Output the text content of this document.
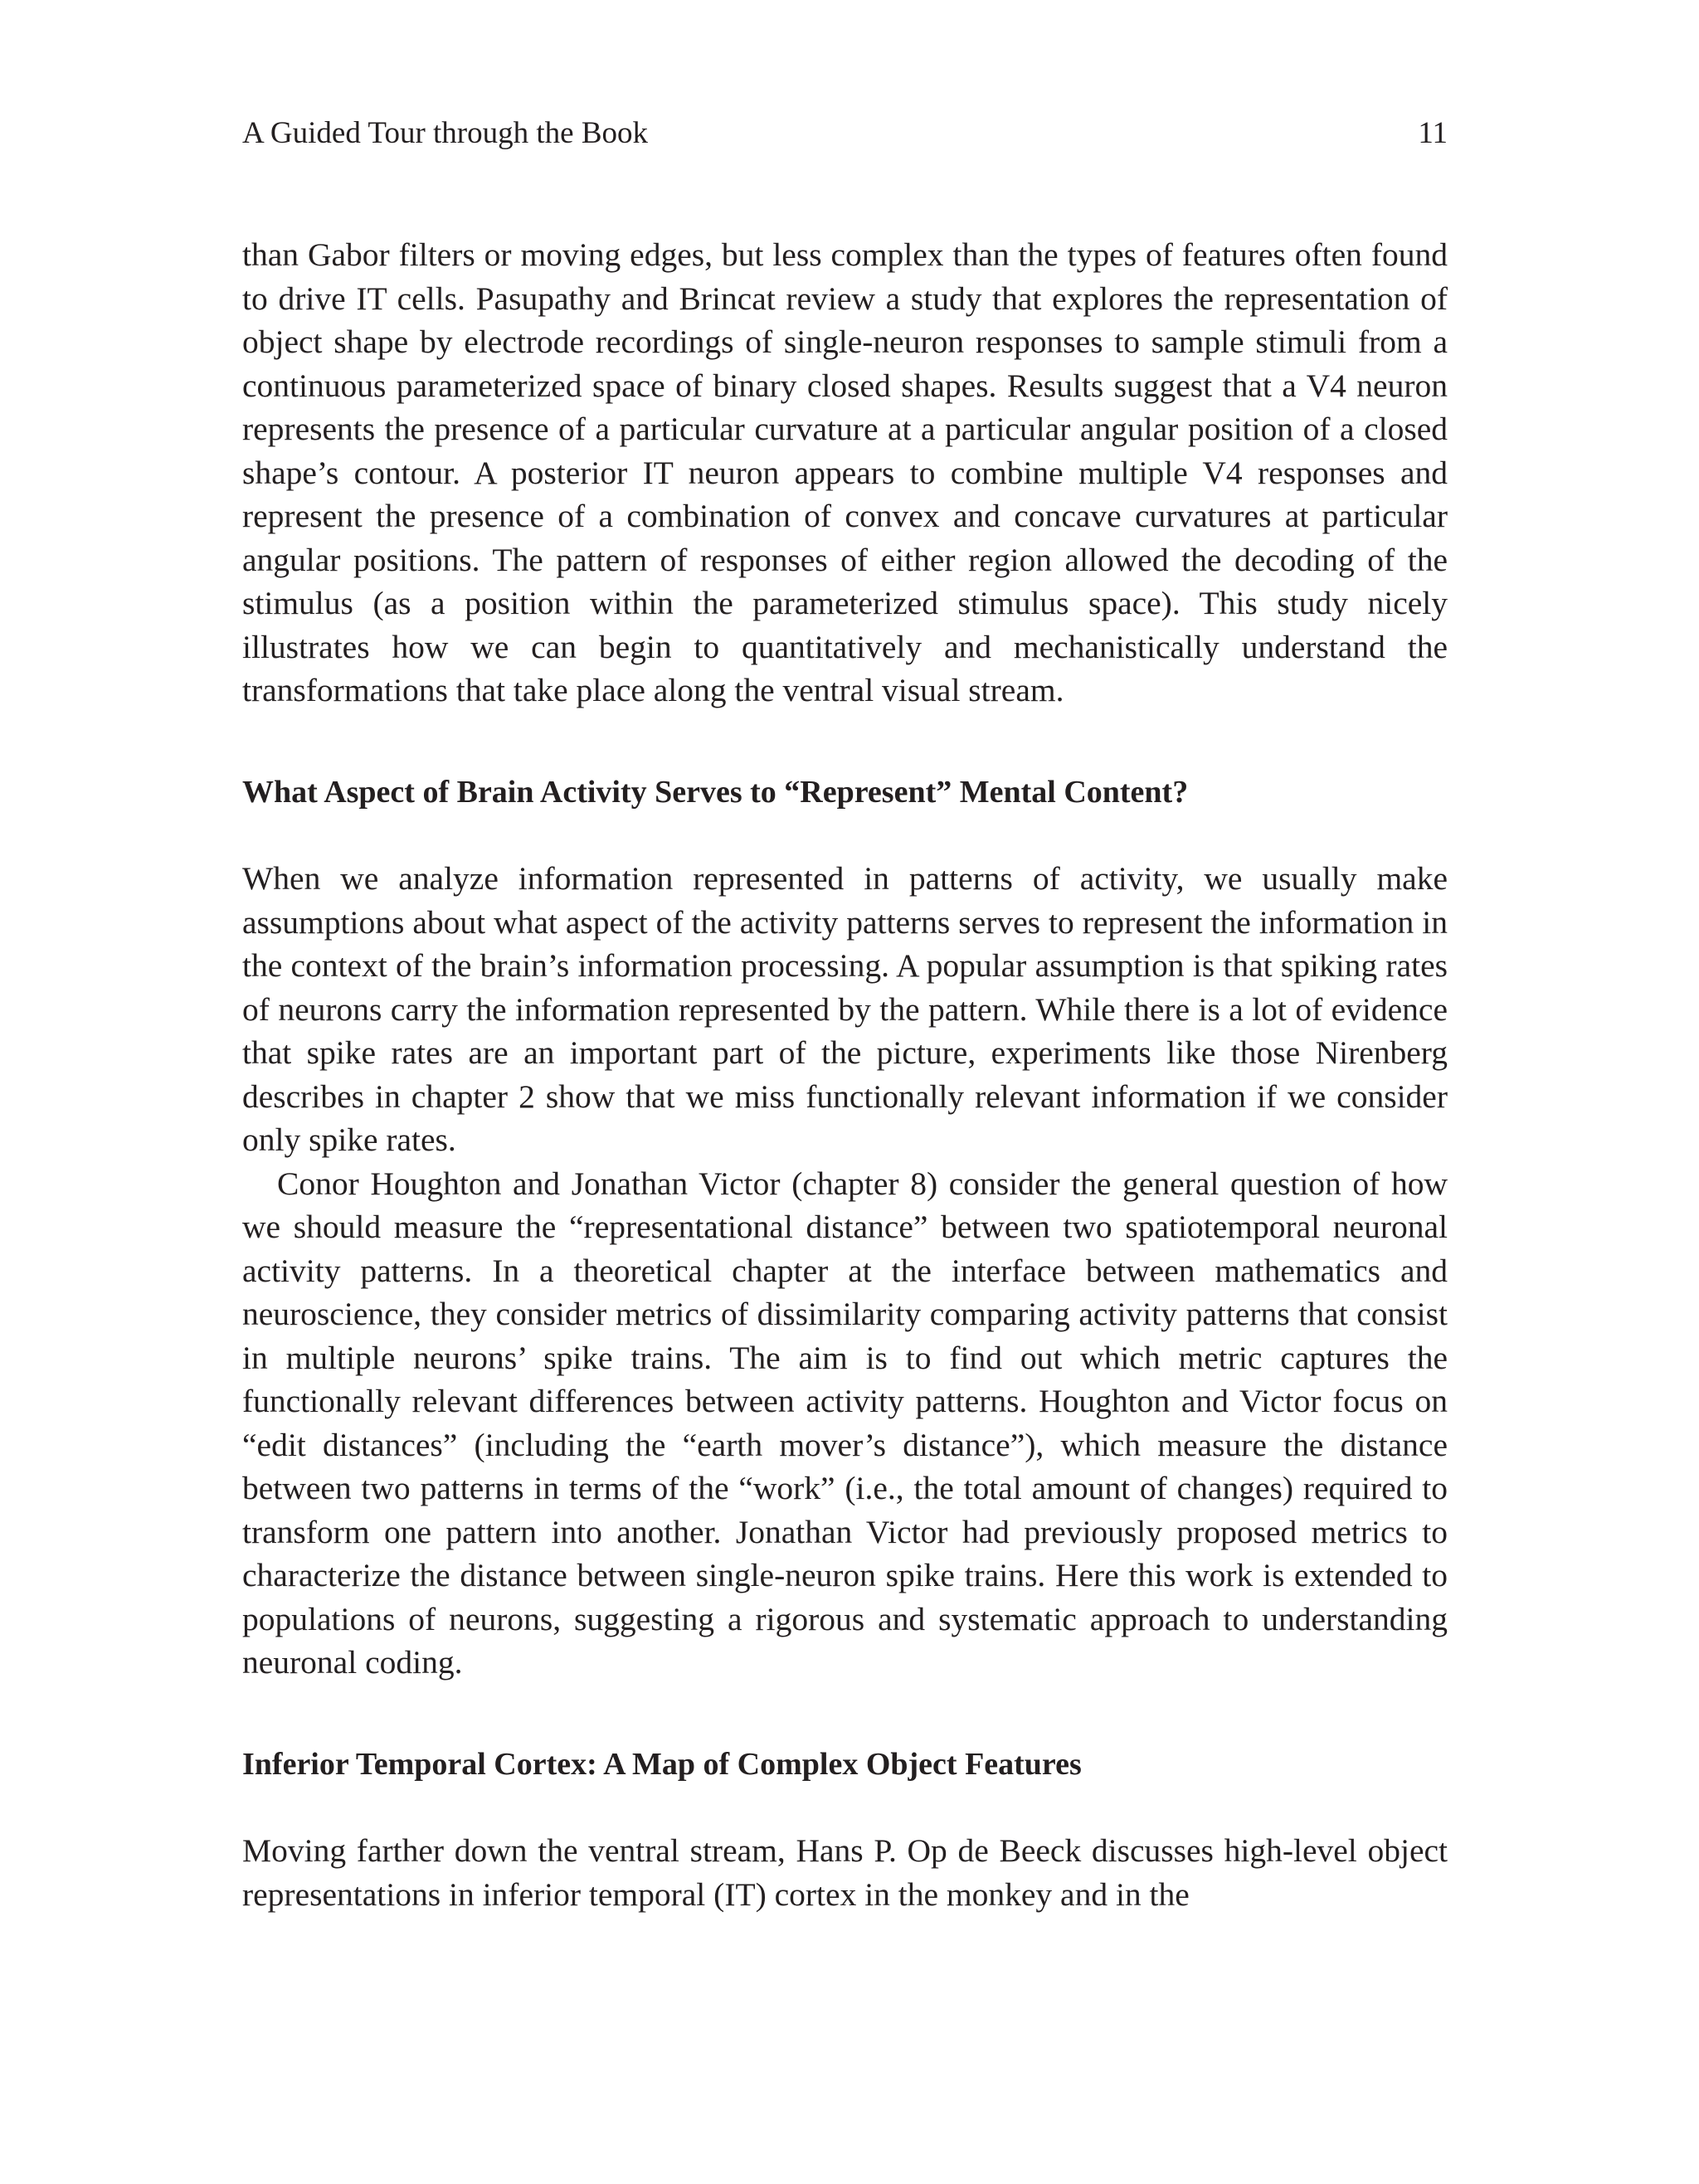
A Guided Tour through the Book	11

than Gabor filters or moving edges, but less complex than the types of features often found to drive IT cells. Pasupathy and Brincat review a study that explores the representation of object shape by electrode recordings of single-neuron responses to sample stimuli from a continuous parameterized space of binary closed shapes. Results suggest that a V4 neuron represents the presence of a particular curvature at a particular angular position of a closed shape’s contour. A posterior IT neuron appears to combine multiple V4 responses and represent the presence of a combination of convex and concave curvatures at particular angular positions. The pattern of responses of either region allowed the decoding of the stimulus (as a position within the parameterized stimulus space). This study nicely illustrates how we can begin to quantitatively and mechanistically understand the transformations that take place along the ventral visual stream.

What Aspect of Brain Activity Serves to “Represent” Mental Content?

When we analyze information represented in patterns of activity, we usually make assumptions about what aspect of the activity patterns serves to represent the information in the context of the brain’s information processing. A popular assumption is that spiking rates of neurons carry the information represented by the pattern. While there is a lot of evidence that spike rates are an important part of the picture, experiments like those Nirenberg describes in chapter 2 show that we miss functionally relevant information if we consider only spike rates.

Conor Houghton and Jonathan Victor (chapter 8) consider the general question of how we should measure the “representational distance” between two spatiotemporal neuronal activity patterns. In a theoretical chapter at the interface between mathematics and neuroscience, they consider metrics of dissimilarity comparing activity patterns that consist in multiple neurons’ spike trains. The aim is to find out which metric captures the functionally relevant differences between activity patterns. Houghton and Victor focus on “edit distances” (including the “earth mover’s distance”), which measure the distance between two patterns in terms of the “work” (i.e., the total amount of changes) required to transform one pattern into another. Jonathan Victor had previously proposed metrics to characterize the distance between single-neuron spike trains. Here this work is extended to populations of neurons, suggesting a rigorous and systematic approach to understanding neuronal coding.

Inferior Temporal Cortex: A Map of Complex Object Features

Moving farther down the ventral stream, Hans P. Op de Beeck discusses high-level object representations in inferior temporal (IT) cortex in the monkey and in the
